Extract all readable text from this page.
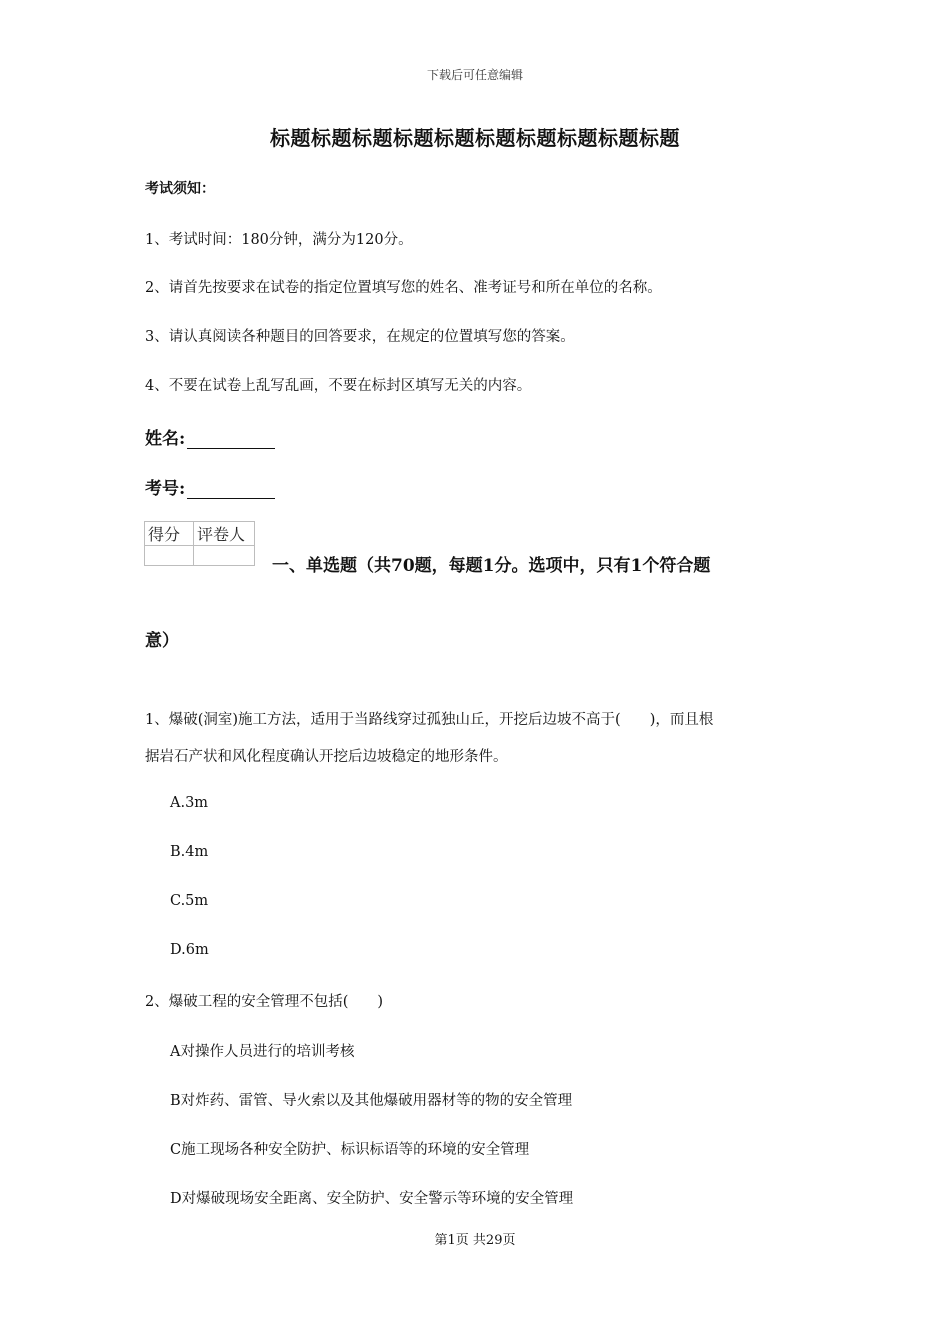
下载后可任意编辑
标题标题标题标题标题标题标题标题标题标题
考试须知：
1、考试时间：180分钟，满分为120分。
2、请首先按要求在试卷的指定位置填写您的姓名、准考证号和所在单位的名称。
3、请认真阅读各种题目的回答要求，在规定的位置填写您的答案。
4、不要在试卷上乱写乱画，不要在标封区填写无关的内容。
姓名:
考号:
得分	评卷人

一、单选题（共70题，每题1分。选项中，只有1个符合题
意）
1、爆破(洞室)施工方法，适用于当路线穿过孤独山丘，开挖后边坡不高于(　　)，而且根
据岩石产状和风化程度确认开挖后边坡稳定的地形条件。
A.3m
B.4m
C.5m
D.6m
2、爆破工程的安全管理不包括(　　)
A对操作人员进行的培训考核
B对炸药、雷管、导火索以及其他爆破用器材等的物的安全管理
C施工现场各种安全防护、标识标语等的环境的安全管理
D对爆破现场安全距离、安全防护、安全警示等环境的安全管理
第1页 共29页
